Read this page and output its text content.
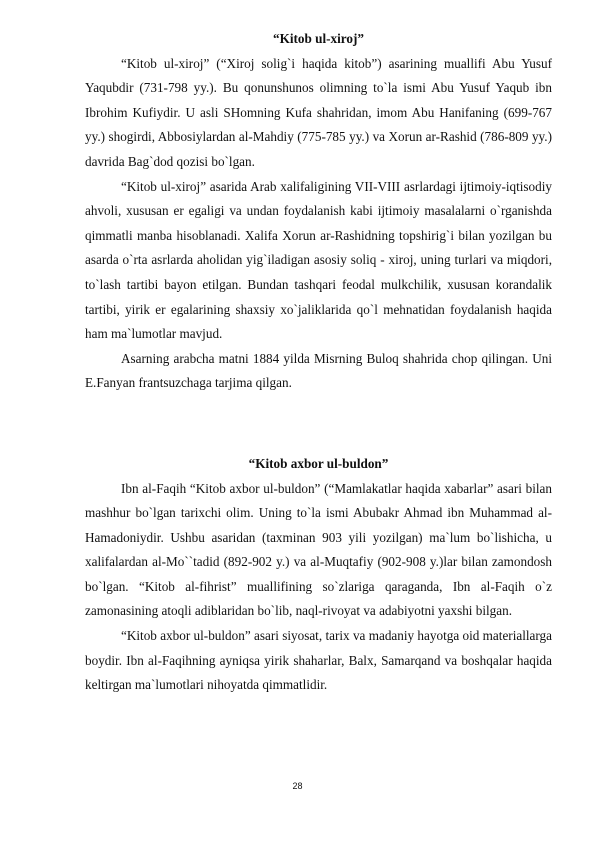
“Kitob ul-xiroj”

“Kitob ul-xiroj” (“Xiroj solig`i haqida kitob”) asarining muallifi Abu Yusuf Yaqubdir (731-798 yy.). Bu qonunshunos olimning to`la ismi Abu Yusuf Yaqub ibn Ibrohim Kufiydir. U asli SHomning Kufa shahridan, imom Abu Hanifaning (699-767 yy.) shogirdi, Abbosiylardan al-Mahdiy (775-785 yy.) va Xorun ar-Rashid (786-809 yy.) davrida Bag`dod qozisi bo`lgan.

“Kitob ul-xiroj” asarida Arab xalifaligining VII-VIII asrlardagi ijtimoiy-iqtisodiy ahvoli, xususan er egaligi va undan foydalanish kabi ijtimoiy masalalarni o`rganishda qimmatli manba hisoblanadi. Xalifa Xorun ar-Rashidning topshirig`i bilan yozilgan bu asarda o`rta asrlarda aholidan yig`iladigan asosiy soliq - xiroj, uning turlari va miqdori, to`lash tartibi bayon etilgan. Bundan tashqari feodal mulkchilik, xususan korandalik tartibi, yirik er egalarining shaxsiy xo`jaliklarida qo`l mehnatidan foydalanish haqida ham ma`lumotlar mavjud.

Asarning arabcha matni 1884 yilda Misrning Buloq shahrida chop qilingan. Uni E.Fanyan frantsuzchaga tarjima qilgan.

“Kitob axbor ul-buldon”

Ibn al-Faqih “Kitob axbor ul-buldon” (“Mamlakatlar haqida xabarlar” asari bilan mashhur bo`lgan tarixchi olim. Uning to`la ismi Abubakr Ahmad ibn Muhammad al-Hamadoniydir. Ushbu asaridan (taxminan 903 yili yozilgan) ma`lum bo`lishicha, u xalifalardan al-Mo``tadid (892-902 y.) va al-Muqtafiy (902-908 y.)lar bilan zamondosh bo`lgan. “Kitob al-fihrist” muallifining so`zlariga qaraganda, Ibn al-Faqih o`z zamonasining atoqli adiblaridan bo`lib, naql-rivoyat va adabiyotni yaxshi bilgan.

“Kitob axbor ul-buldon” asari siyosat, tarix va madaniy hayotga oid materiallarga boydir. Ibn al-Faqihning ayniqsa yirik shaharlar, Balx, Samarqand va boshqalar haqida keltirgan ma`lumotlari nihoyatda qimmatlidir.

28
